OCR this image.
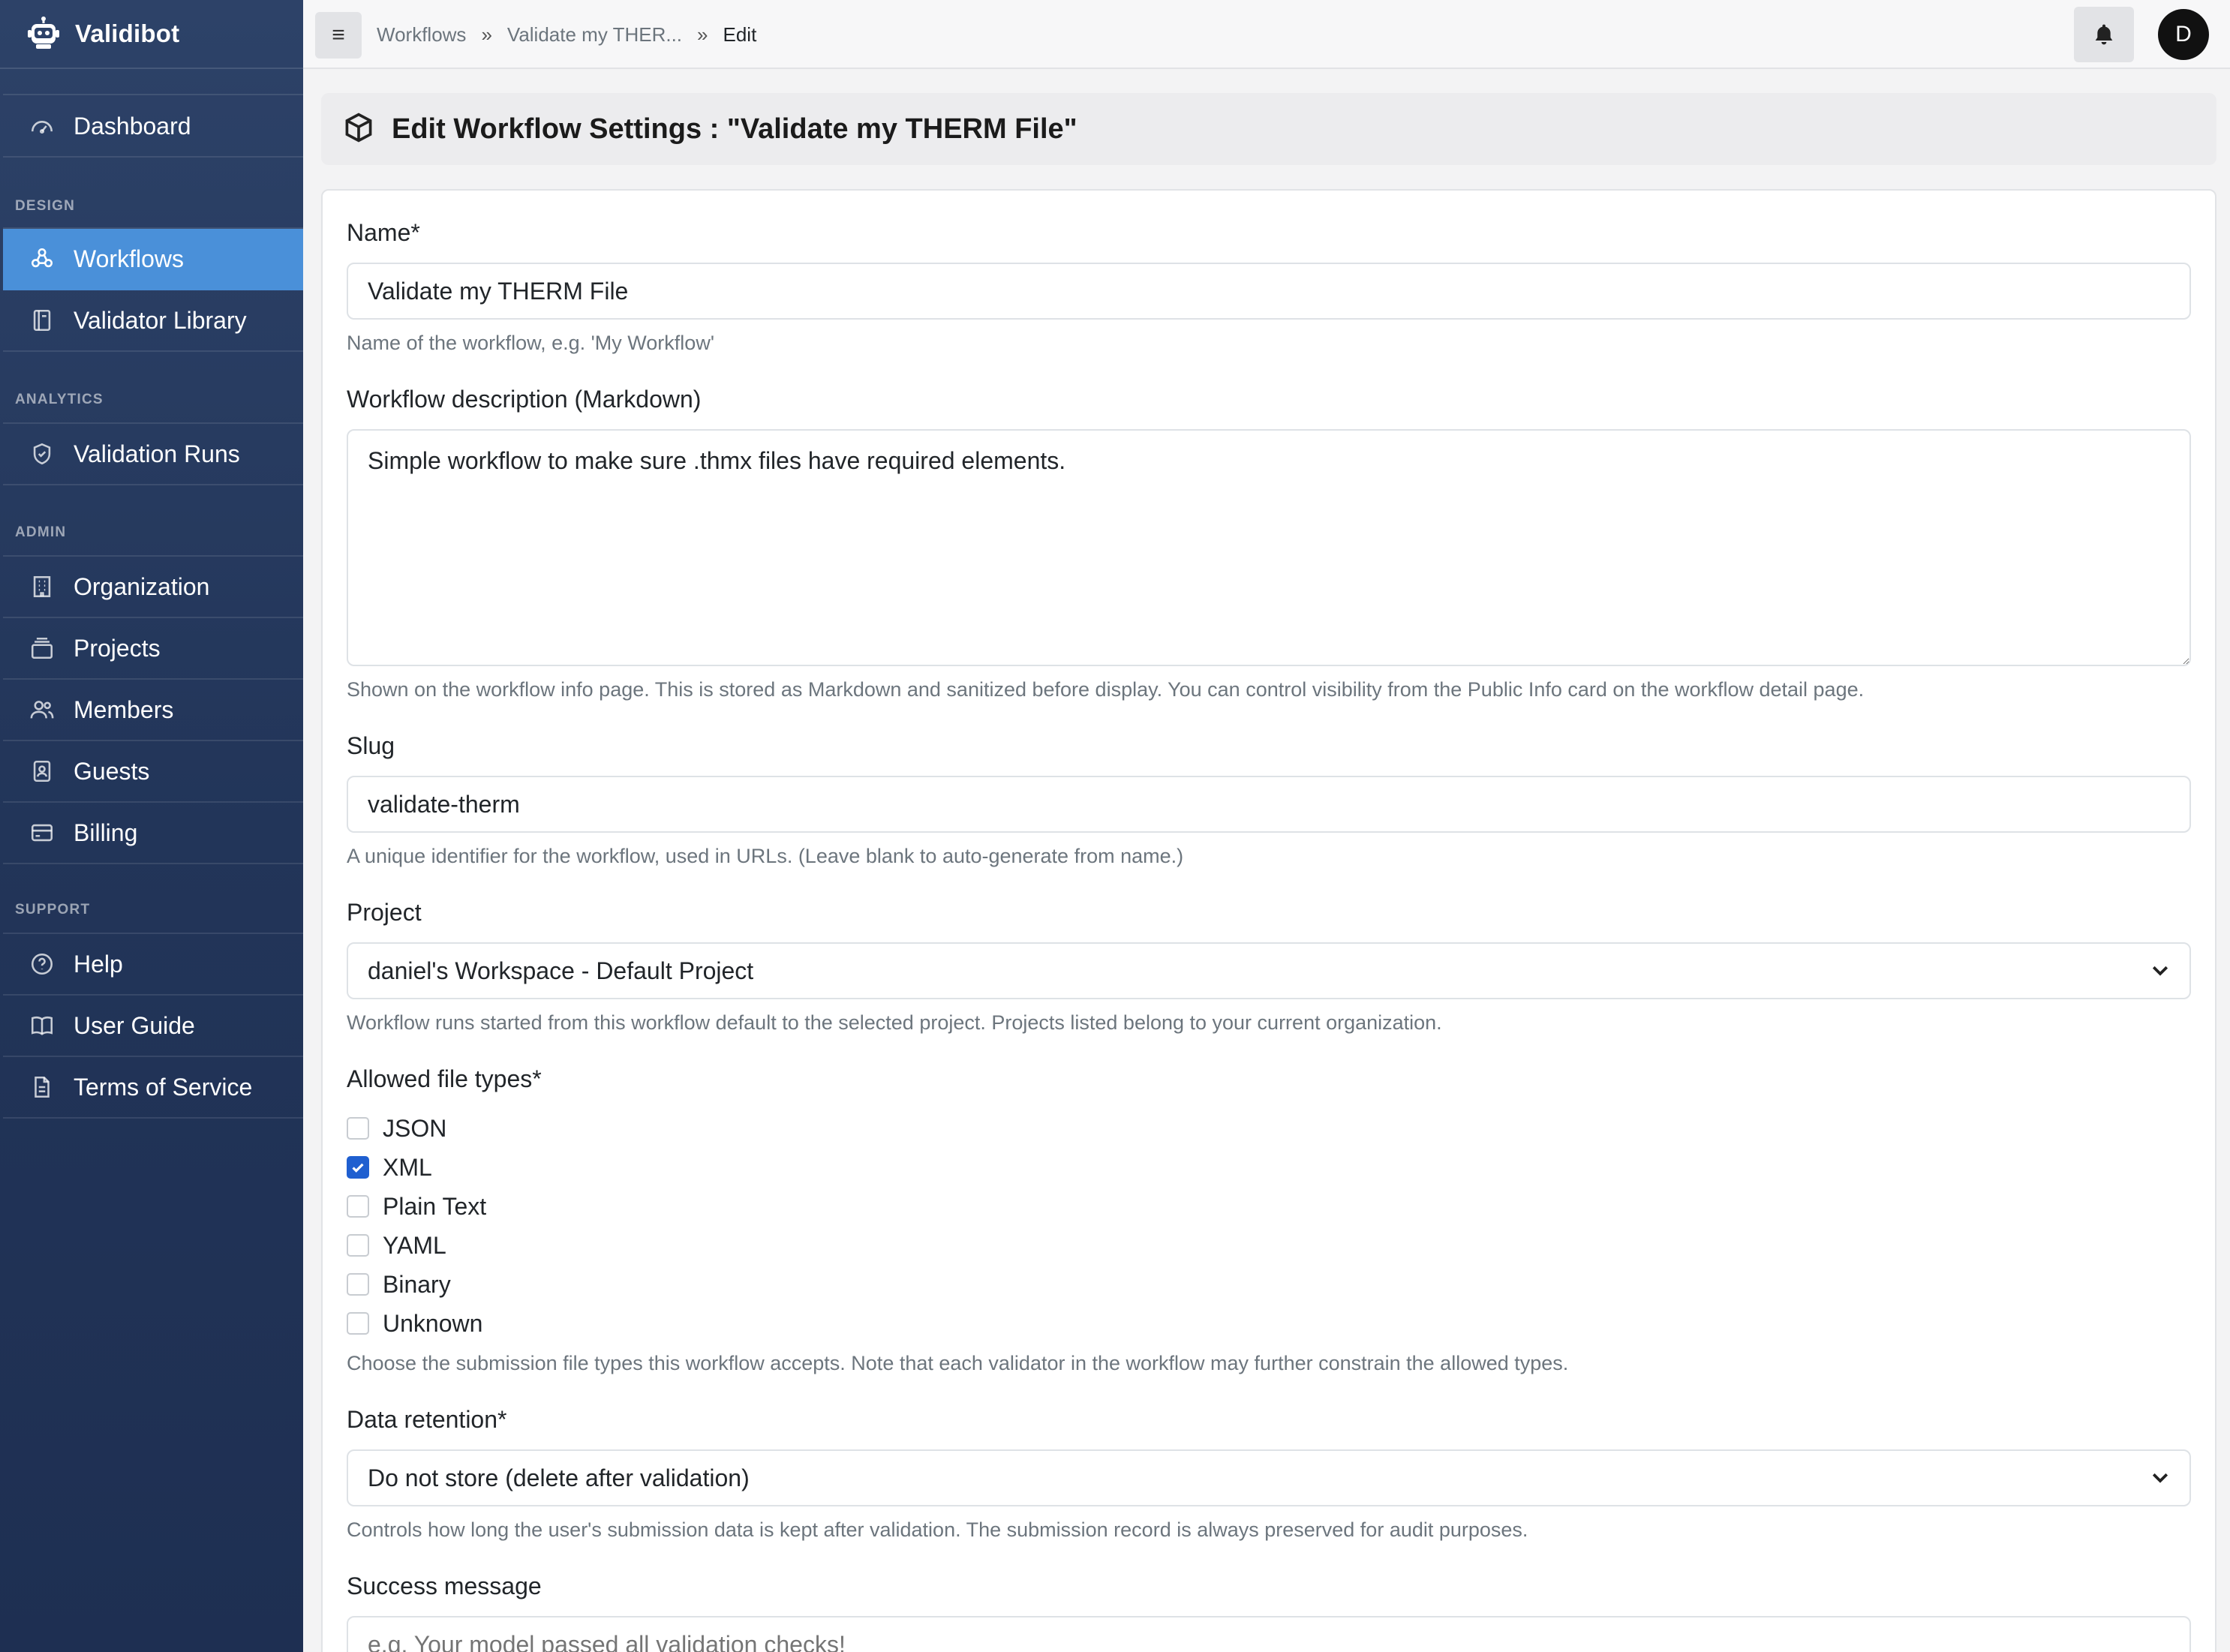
Validibot
Dashboard
DESIGN
Workflows
Validator Library
ANALYTICS
Validation Runs
ADMIN
Organization
Projects
Members
Guests
Billing
SUPPORT
Help
User Guide
Terms of Service
≡	Workflows » Validate my THER... » Edit	D
Edit Workflow Settings : "Validate my THERM File"
Name*
Validate my THERM File
Name of the workflow, e.g. 'My Workflow'
Workflow description (Markdown)
Simple workflow to make sure .thmx files have required elements.
Shown on the workflow info page. This is stored as Markdown and sanitized before display. You can control visibility from the Public Info card on the workflow detail page.
Slug
validate-therm
A unique identifier for the workflow, used in URLs. (Leave blank to auto-generate from name.)
Project
daniel's Workspace - Default Project
Workflow runs started from this workflow default to the selected project. Projects listed belong to your current organization.
Allowed file types*
JSON
XML
Plain Text
YAML
Binary
Unknown
Choose the submission file types this workflow accepts. Note that each validator in the workflow may further constrain the allowed types.
Data retention*
Do not store (delete after validation)
Controls how long the user's submission data is kept after validation. The submission record is always preserved for audit purposes.
Success message
e.g. Your model passed all validation checks!
